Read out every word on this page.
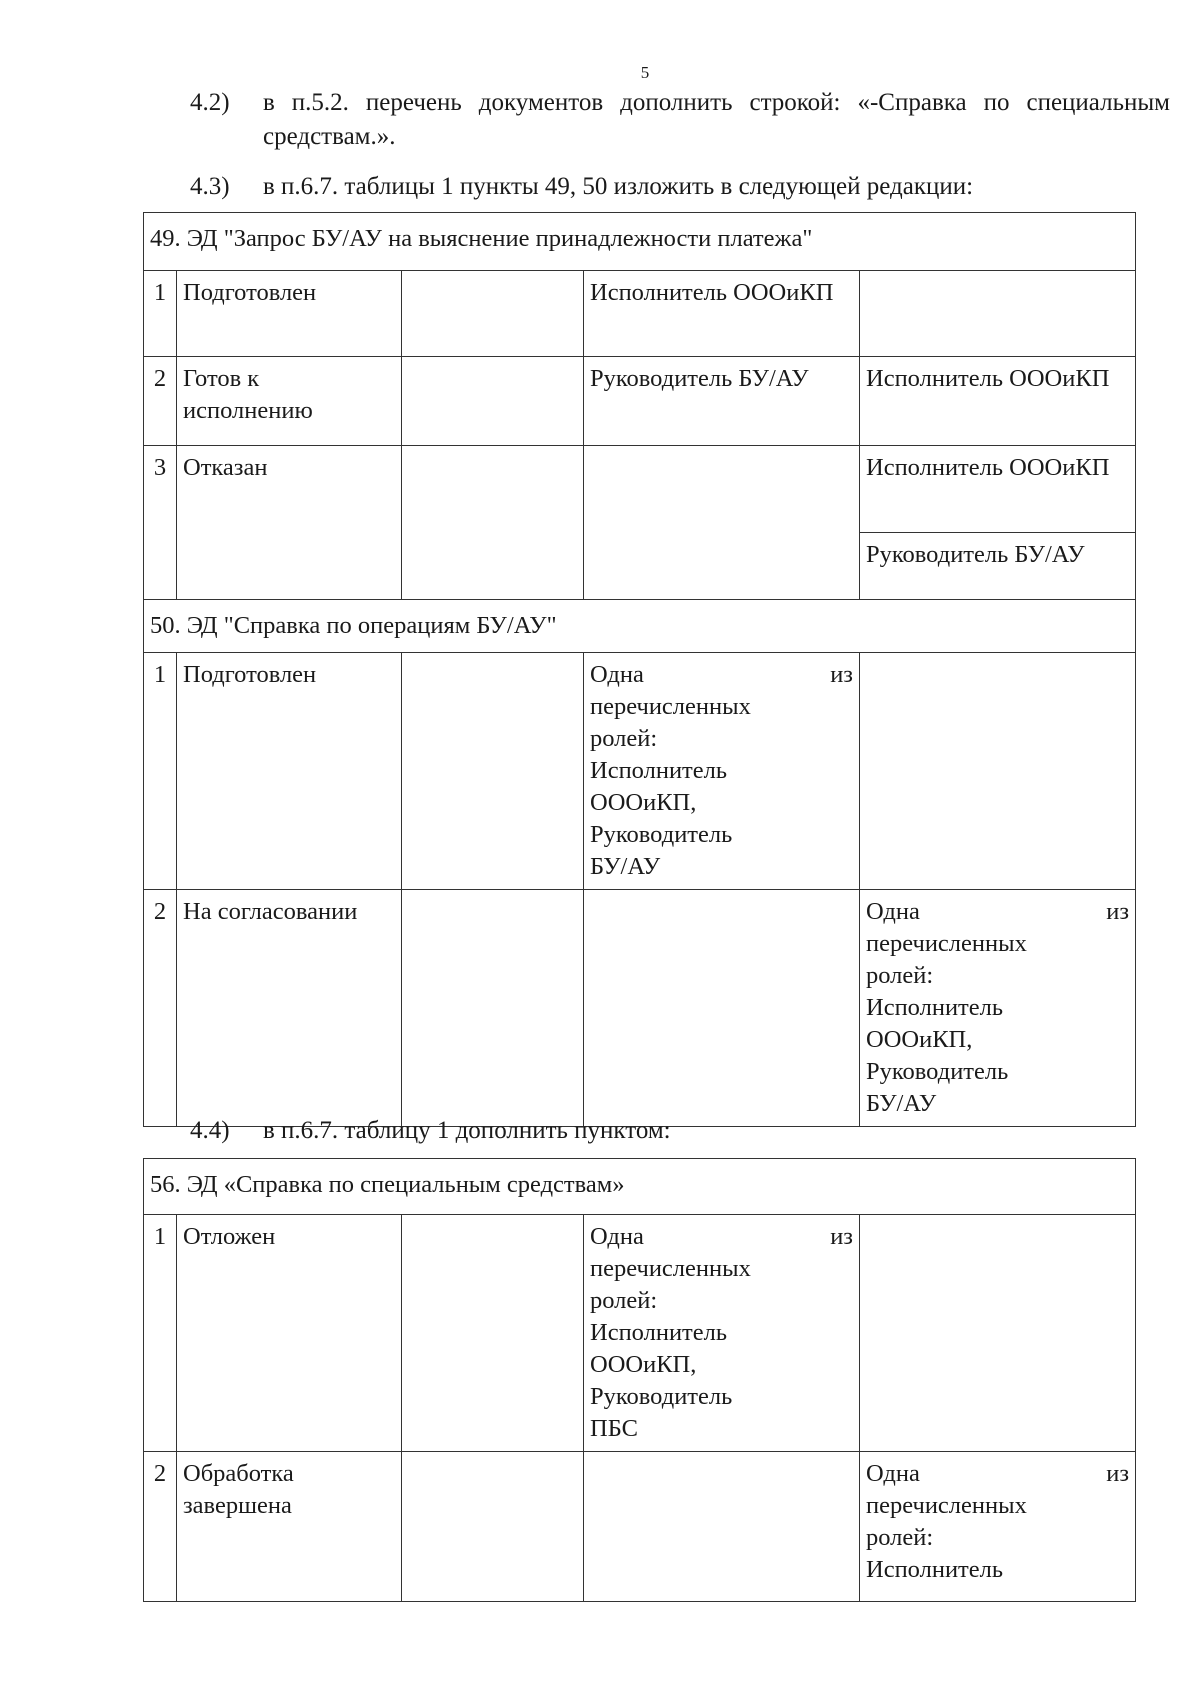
5
4.2) в п.5.2. перечень документов дополнить строкой: «-Справка по специальным средствам.».
4.3) в п.6.7. таблицы 1 пункты 49, 50 изложить в следующей редакции:
49. ЭД "Запрос БУ/АУ на выяснение принадлежности платежа"				
1	Подготовлен		Исполнитель ОООиКП	
2	Готов к исполнению		Руководитель БУ/АУ	Исполнитель ОООиКП
3	Отказан			Исполнитель ОООиКП
				Руководитель БУ/АУ
50. ЭД "Справка по операциям БУ/АУ"				
1	Подготовлен		Одна из
перечисленных ролей: Исполнитель ОООиКП, Руководитель БУ/АУ	

2	На согласовании			Одна из
перечисленных ролей: Исполнитель ОООиКП, Руководитель БУ/АУ
4.4) в п.6.7. таблицу 1 дополнить пунктом:
56. ЭД «Справка по специальным средствам»				
1	Отложен		Одна из
перечисленных ролей: Исполнитель ОООиКП, Руководитель ПБС	

2	Обработка завершена			Одна из
перечисленных ролей: Исполнитель
